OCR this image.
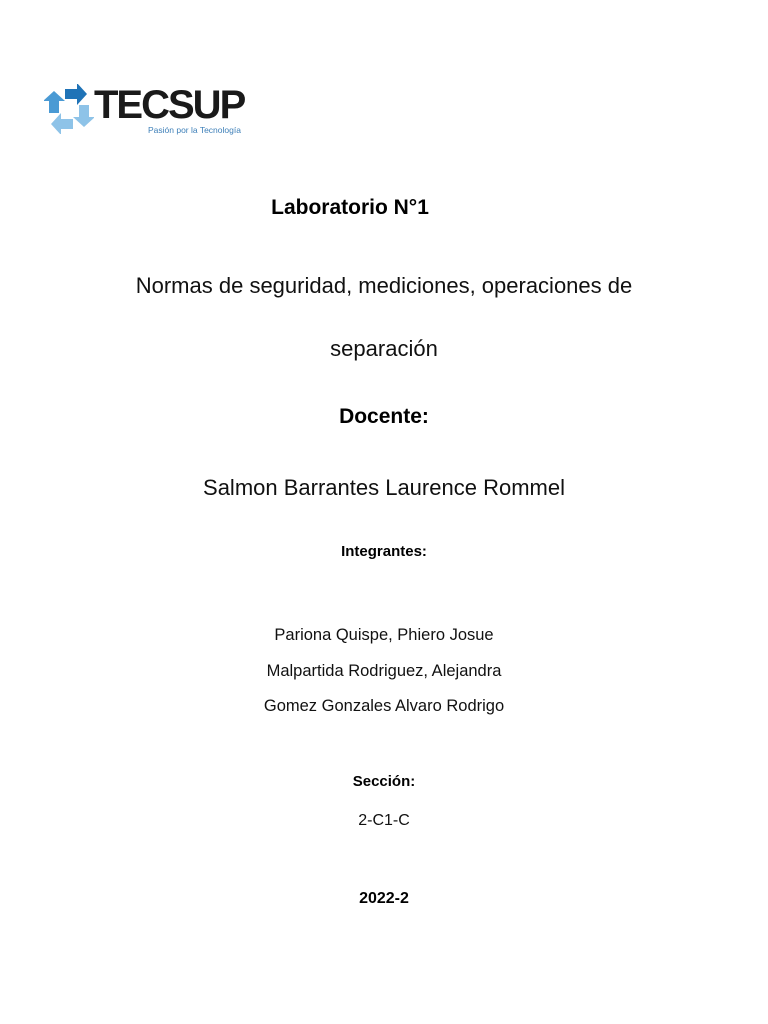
TECSUP
Pasión por la Tecnología
Laboratorio N°1
Normas de seguridad, mediciones, operaciones de
separación
Docente:
Salmon Barrantes Laurence Rommel
Integrantes:
Pariona Quispe, Phiero Josue
Malpartida Rodriguez, Alejandra
Gomez Gonzales Alvaro Rodrigo
Sección:
2-C1-C
2022-2
